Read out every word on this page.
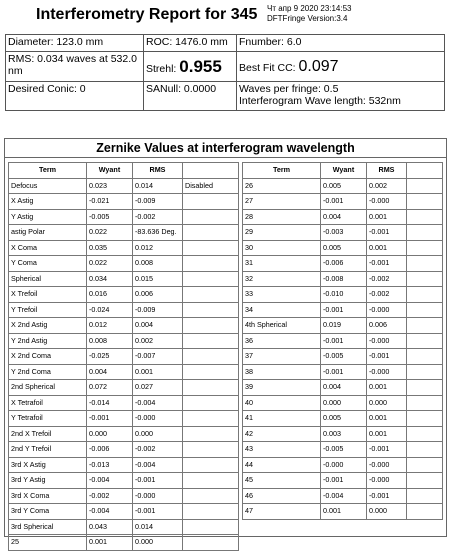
Interferometry Report for 345 Чт апр 9 2020 23:14:53
DFTFringe Version:3.4
Diameter: 123.0 mm	ROC: 1476.0 mm	Fnumber: 6.0
RMS: 0.034 waves at 532.0 nm	Strehl: 0.955	Best Fit CC: 0.097
Desired Conic: 0	SANull: 0.0000	Waves per fringe: 0.5
Interferogram Wave length: 532nm
Zernike Values at interferogram wavelength
Term	Wyant	RMS	
Defocus	0.023	0.014	Disabled
X Astig	-0.021	-0.009	
Y Astig	-0.005	-0.002	
astig Polar	0.022	-83.636 Deg.	
X Coma	0.035	0.012	
Y Coma	0.022	0.008	
Spherical	0.034	0.015	
X Trefoil	0.016	0.006	
Y Trefoil	-0.024	-0.009	
X 2nd Astig	0.012	0.004	
Y 2nd Astig	0.008	0.002	
X 2nd Coma	-0.025	-0.007	
Y 2nd Coma	0.004	0.001	
2nd Spherical	0.072	0.027	
X Tetrafoil	-0.014	-0.004	
Y Tetrafoil	-0.001	-0.000	
2nd X Trefoil	0.000	0.000	
2nd Y Trefoil	-0.006	-0.002	
3rd X Astig	-0.013	-0.004	
3rd Y Astig	-0.004	-0.001	
3rd X Coma	-0.002	-0.000	
3rd Y Coma	-0.004	-0.001	
3rd Spherical	0.043	0.014	
25	0.001	0.000	
Term	Wyant	RMS	
26	0.005	0.002	
27	-0.001	-0.000	
28	0.004	0.001	
29	-0.003	-0.001	
30	0.005	0.001	
31	-0.006	-0.001	
32	-0.008	-0.002	
33	-0.010	-0.002	
34	-0.001	-0.000	
4th Spherical	0.019	0.006	
36	-0.001	-0.000	
37	-0.005	-0.001	
38	-0.001	-0.000	
39	0.004	0.001	
40	0.000	0.000	
41	0.005	0.001	
42	0.003	0.001	
43	-0.005	-0.001	
44	-0.000	-0.000	
45	-0.001	-0.000	
46	-0.004	-0.001	
47	0.001	0.000	
